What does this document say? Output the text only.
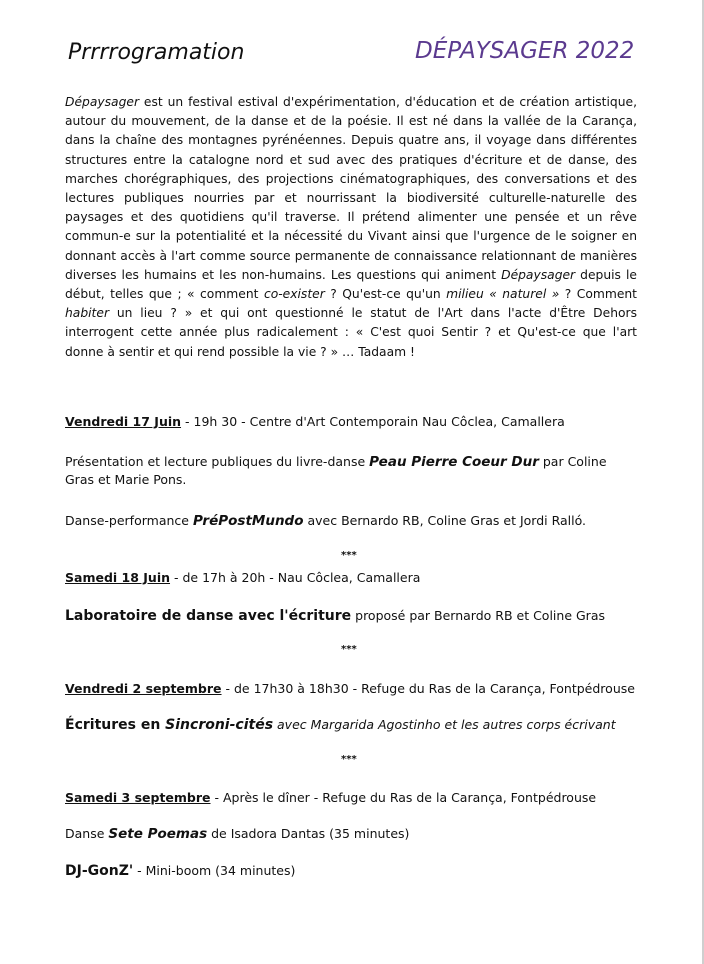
Prrrrogramation	DÉPAYSAGER 2022

Dépaysager est un festival estival d'expérimentation, d'éducation et de création artistique, autour du mouvement, de la danse et de la poésie. Il est né dans la vallée de la Carança, dans la chaîne des montagnes pyrénéennes. Depuis quatre ans, il voyage dans différentes structures entre la catalogne nord et sud avec des pratiques d'écriture et de danse, des marches chorégraphiques, des projections cinématographiques, des conversations et des lectures publiques nourries par et nourrissant la biodiversité culturelle-naturelle des paysages et des quotidiens qu'il traverse. Il prétend alimenter une pensée et un rêve commun-e sur la potentialité et la nécessité du Vivant ainsi que l'urgence de le soigner en donnant accès à l'art comme source permanente de connaissance relationnant de manières diverses les humains et les non-humains. Les questions qui animent Dépaysager depuis le début, telles que ; « comment co-exister ? Qu'est-ce qu'un milieu « naturel » ? Comment habiter un lieu ? » et qui ont questionné le statut de l'Art dans l'acte d'Être Dehors interrogent cette année plus radicalement : « C'est quoi Sentir ? et Qu'est-ce que l'art donne à sentir et qui rend possible la vie ? » … Tadaam !

Vendredi 17 Juin - 19h 30 - Centre d'Art Contemporain Nau Côclea, Camallera

Présentation et lecture publiques du livre-danse Peau Pierre Coeur Dur par Coline Gras et Marie Pons.

Danse-performance PréPostMundo avec Bernardo RB, Coline Gras et Jordi Ralló.

***

Samedi 18 Juin - de 17h à 20h - Nau Côclea, Camallera

Laboratoire de danse avec l'écriture proposé par Bernardo RB et Coline Gras

***

Vendredi 2 septembre - de 17h30 à 18h30 - Refuge du Ras de la Carança, Fontpédrouse

Écritures en Sincroni-cités avec Margarida Agostinho et les autres corps écrivant

***

Samedi 3 septembre - Après le dîner - Refuge du Ras de la Carança, Fontpédrouse

Danse Sete Poemas de Isadora Dantas (35 minutes)

DJ-GonZ' - Mini-boom (34 minutes)
